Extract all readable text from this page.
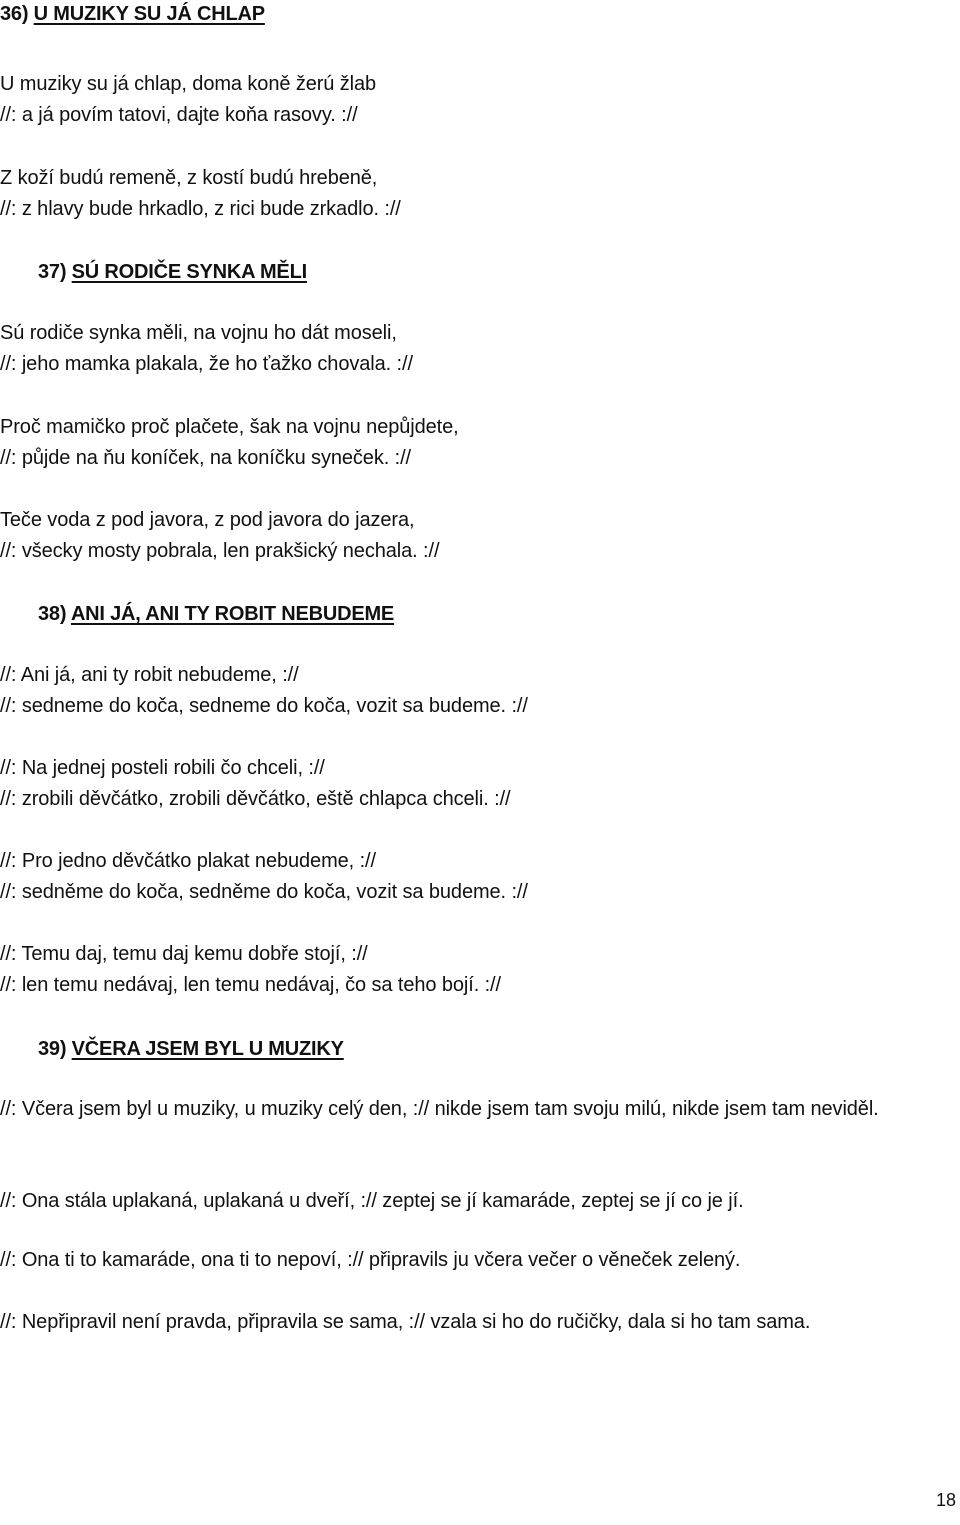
36) U MUZIKY SU JÁ CHLAP
U muziky su já chlap, doma koně žerú žlab
//: a já povím tatovi, dajte koňa rasovy. ://
Z koží budú remeně, z kostí budú hrebeně,
//: z hlavy bude hrkadlo, z rici bude zrkadlo. ://
37) SÚ RODIČE SYNKA MĚLI
Sú rodiče synka měli, na vojnu ho dát moseli,
//: jeho mamka plakala, že ho ťažko chovala. ://
Proč mamičko proč plačete, šak na vojnu nepůjdete,
//: půjde na ňu koníček, na koníčku syneček. ://
Teče voda z pod javora, z pod javora do jazera,
//: všecky mosty pobrala, len prakšický nechala. ://
38) ANI JÁ, ANI TY ROBIT NEBUDEME
//: Ani já, ani ty robit nebudeme, ://
//: sedneme do koča, sedneme do koča, vozit sa budeme. ://
//: Na jednej posteli robili čo chceli, ://
//: zrobili děvčátko, zrobili děvčátko, eště chlapca chceli. ://
//: Pro jedno děvčátko plakat nebudeme, ://
//: sedněme do koča, sedněme do koča, vozit sa budeme. ://
//: Temu daj, temu daj kemu dobře stojí, ://
//: len temu nedávaj, len temu nedávaj, čo sa teho bojí. ://
39) VČERA JSEM BYL U MUZIKY
//: Včera jsem byl u muziky, u muziky celý den, :// nikde jsem tam svoju milú, nikde jsem tam neviděl.
//: Ona stála uplakaná, uplakaná u dveří, :// zeptej se jí kamaráde, zeptej se jí co je jí.
//: Ona ti to kamaráde, ona ti to nepoví, :// připravils ju včera večer o věneček zelený.
//: Nepřipravil není pravda, připravila se sama, :// vzala si ho do ručičky, dala si ho tam sama.
18
